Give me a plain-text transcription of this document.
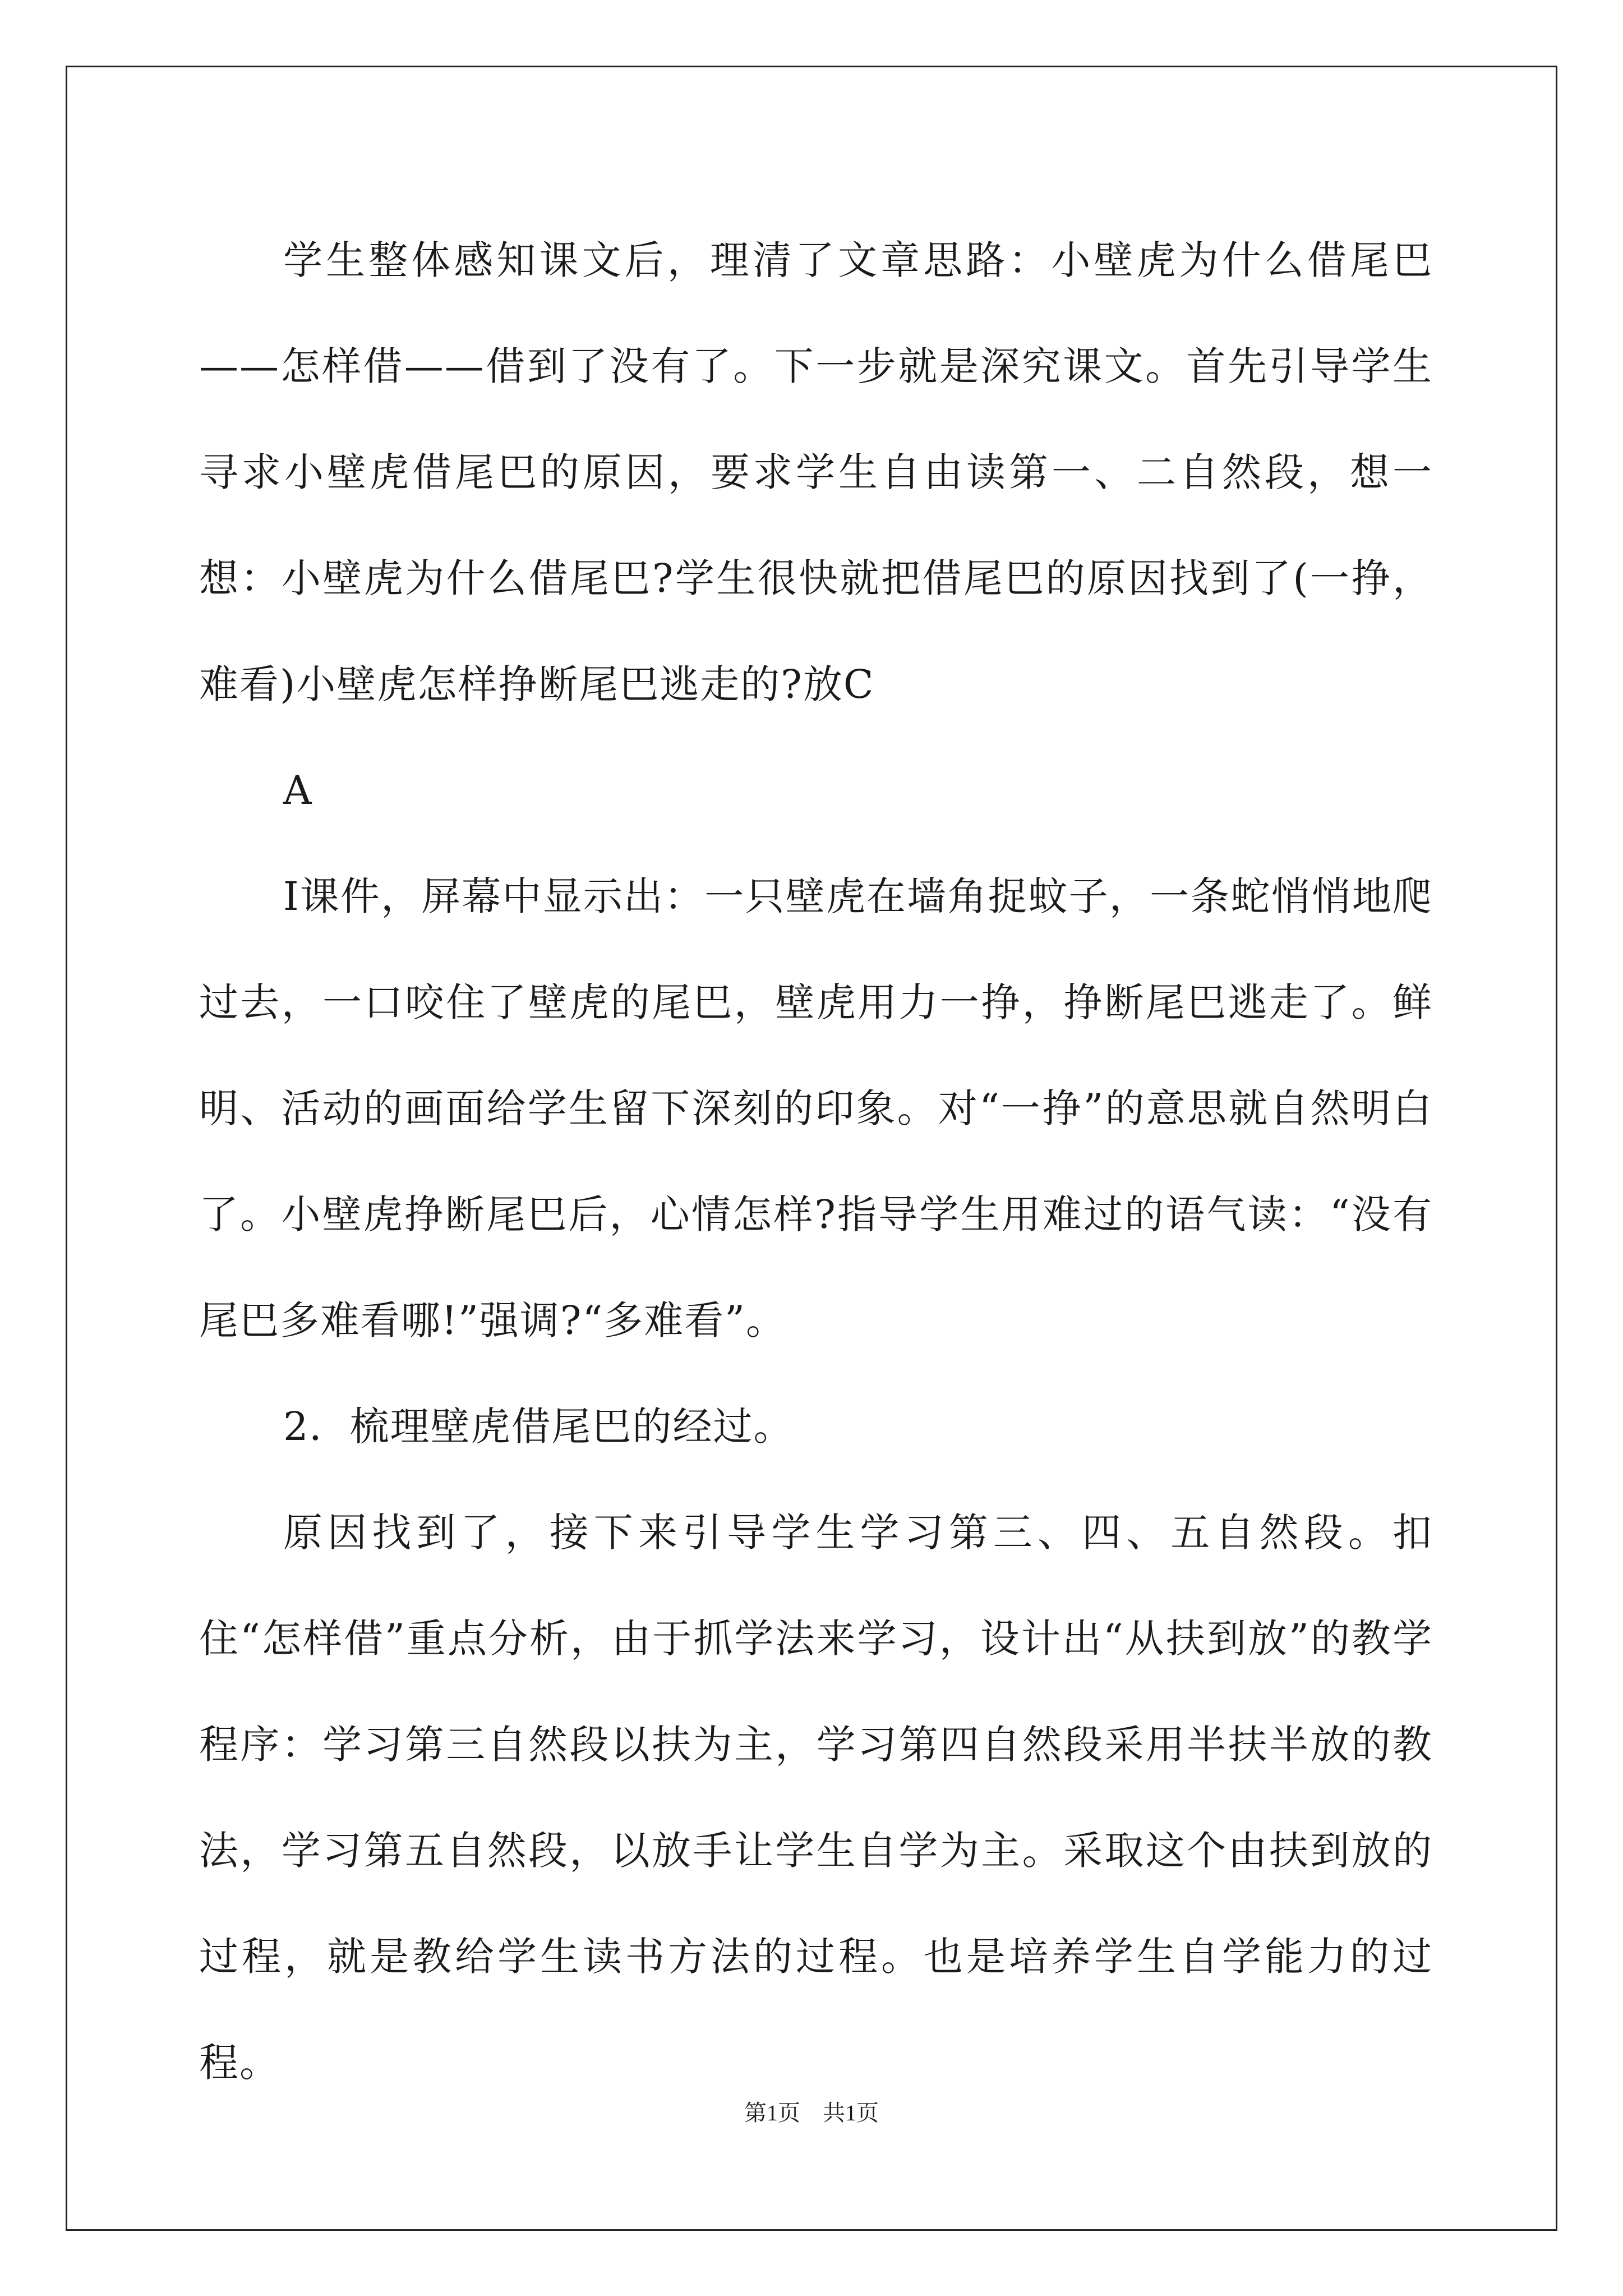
学生整体感知课文后，理清了文章思路：小壁虎为什么借尾巴——怎样借——借到了没有了。下一步就是深究课文。首先引导学生寻求小壁虎借尾巴的原因，要求学生自由读第一、二自然段，想一想：小壁虎为什么借尾巴?学生很快就把借尾巴的原因找到了(一挣，难看)小壁虎怎样挣断尾巴逃走的?放C

A

I课件，屏幕中显示出：一只壁虎在墙角捉蚊子，一条蛇悄悄地爬过去，一口咬住了壁虎的尾巴，壁虎用力一挣，挣断尾巴逃走了。鲜明、活动的画面给学生留下深刻的印象。对“一挣”的意思就自然明白了。小壁虎挣断尾巴后，心情怎样?指导学生用难过的语气读：“没有尾巴多难看哪!”强调?“多难看”。

2．梳理壁虎借尾巴的经过。

原因找到了，接下来引导学生学习第三、四、五自然段。扣住“怎样借”重点分析，由于抓学法来学习，设计出“从扶到放”的教学程序：学习第三自然段以扶为主，学习第四自然段采用半扶半放的教法，学习第五自然段，以放手让学生自学为主。采取这个由扶到放的过程，就是教给学生读书方法的过程。也是培养学生自学能力的过程。

第1页 共1页
